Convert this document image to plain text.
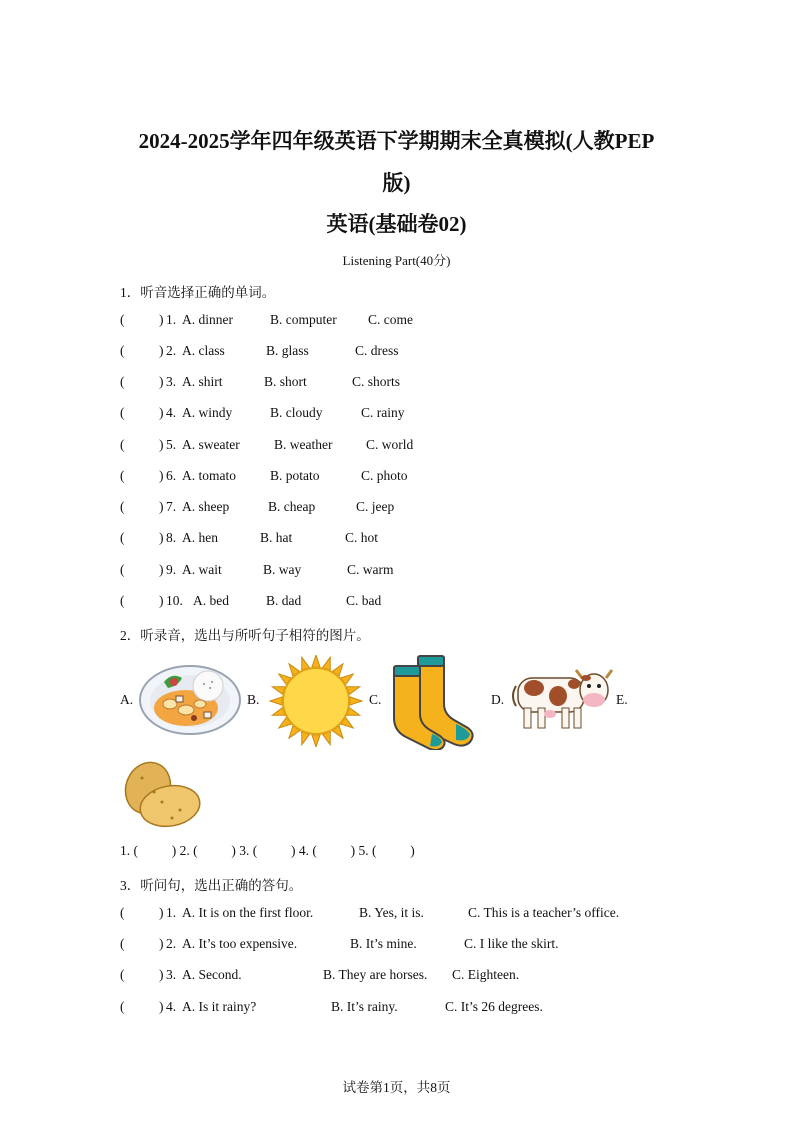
2024-2025学年四年级英语下学期期末全真模拟(人教PEP
版)
英语(基础卷02)
Listening Part(40分)
1．听音选择正确的单词。
(	) 1. A. dinner	B. computer C. come
(	) 2. A. class	B. glass	C. dress
(	) 3. A. shirt	B. short	C. shorts
(	) 4. A. windy	B. cloudy	C. rainy
(	) 5. A. sweater	B. weather C. world
(	) 6. A. tomato	B. potato	C. photo
(	) 7. A. sheep	B. cheap	C. jeep
(	) 8. A. hen	B. hat	C. hot
(	) 9. A. wait	B. way	C. warm
(	) 10. A. bed	B. dad	C. bad
2．听录音，选出与所听句子相符的图片。
A.	B.	C.	D.	E.
1. (          ) 2. (          ) 3. (          ) 4. (          ) 5. (          )
3．听问句，选出正确的答句。
(	) 1. A. It is on the first floor.	B. Yes, it is.	C. This is a teacher’s office.
(	) 2. A. It’s too expensive.	B. It’s mine.	C. I like the skirt.
(	) 3. A. Second.	B. They are horses. C. Eighteen.
(	) 4. A. Is it rainy?	B. It’s rainy.	C. It’s 26 degrees.
试卷第1页，共8页
